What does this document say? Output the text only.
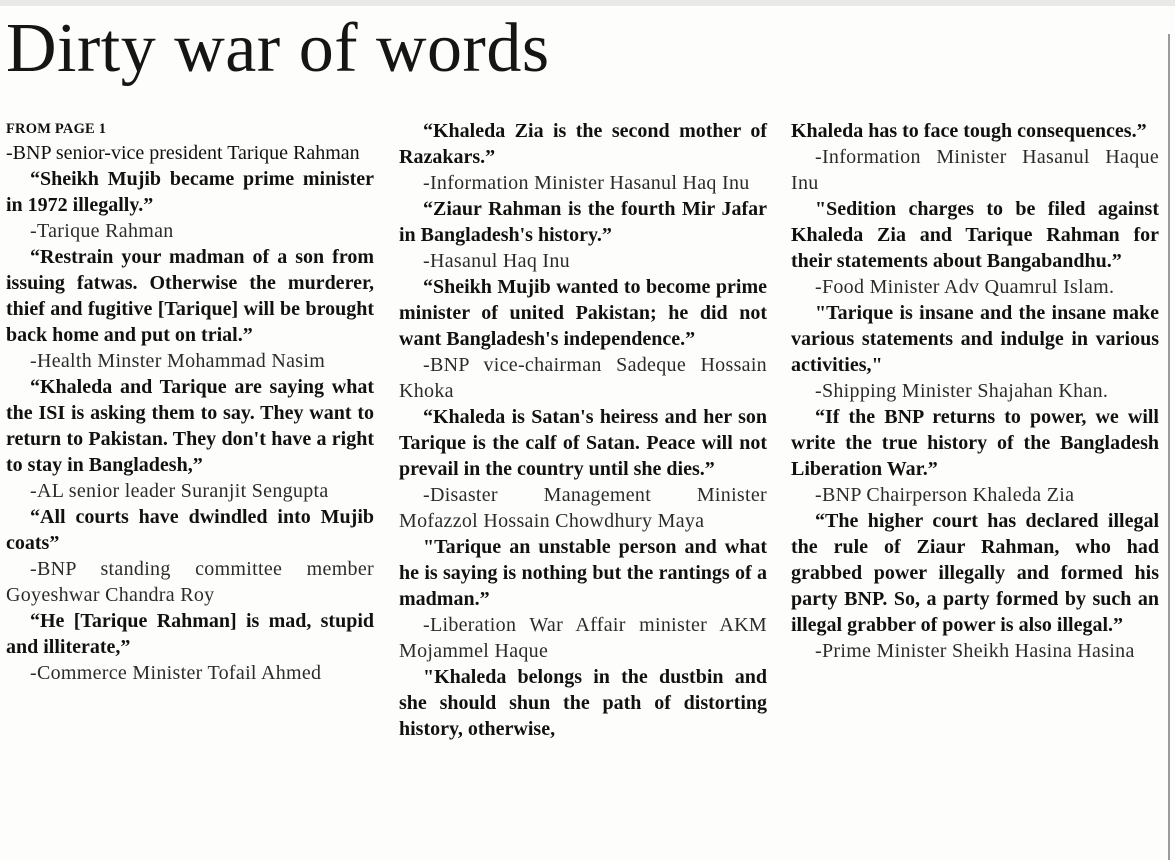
Dirty war of words
FROM PAGE 1
-BNP senior-vice president Tarique Rahman
“Sheikh Mujib became prime minister in 1972 illegally.”
-Tarique Rahman
“Restrain your madman of a son from issuing fatwas. Otherwise the murderer, thief and fugitive [Tarique] will be brought back home and put on trial.”
-Health Minster Mohammad Nasim
“Khaleda and Tarique are saying what the ISI is asking them to say. They want to return to Pakistan. They don't have a right to stay in Bangladesh,”
-AL senior leader Suranjit Sengupta
“All courts have dwindled into Mujib coats”
-BNP standing committee member Goyeshwar Chandra Roy
“He [Tarique Rahman] is mad, stupid and illiterate,”
-Commerce Minister Tofail Ahmed
“Khaleda Zia is the second mother of Razakars.”
-Information Minister Hasanul Haq Inu
“Ziaur Rahman is the fourth Mir Jafar in Bangladesh's history.”
-Hasanul Haq Inu
“Sheikh Mujib wanted to become prime minister of united Pakistan; he did not want Bangladesh's independence.”
-BNP vice-chairman Sadeque Hossain Khoka
“Khaleda is Satan's heiress and her son Tarique is the calf of Satan. Peace will not prevail in the country until she dies.”
-Disaster Management Minister Mofazzol Hossain Chowdhury Maya
"Tarique an unstable person and what he is saying is nothing but the rantings of a madman.”
-Liberation War Affair minister AKM Mojammel Haque
"Khaleda belongs in the dustbin and she should shun the path of distorting history, otherwise,
Khaleda has to face tough consequences.”
-Information Minister Hasanul Haque Inu
"Sedition charges to be filed against Khaleda Zia and Tarique Rahman for their statements about Bangabandhu.”
-Food Minister Adv Quamrul Islam.
"Tarique is insane and the insane make various statements and indulge in various activities,"
-Shipping Minister Shajahan Khan.
“If the BNP returns to power, we will write the true history of the Bangladesh Liberation War.”
-BNP Chairperson Khaleda Zia
“The higher court has declared illegal the rule of Ziaur Rahman, who had grabbed power illegally and formed his party BNP. So, a party formed by such an illegal grabber of power is also illegal.”
-Prime Minister Sheikh Hasina Hasina
